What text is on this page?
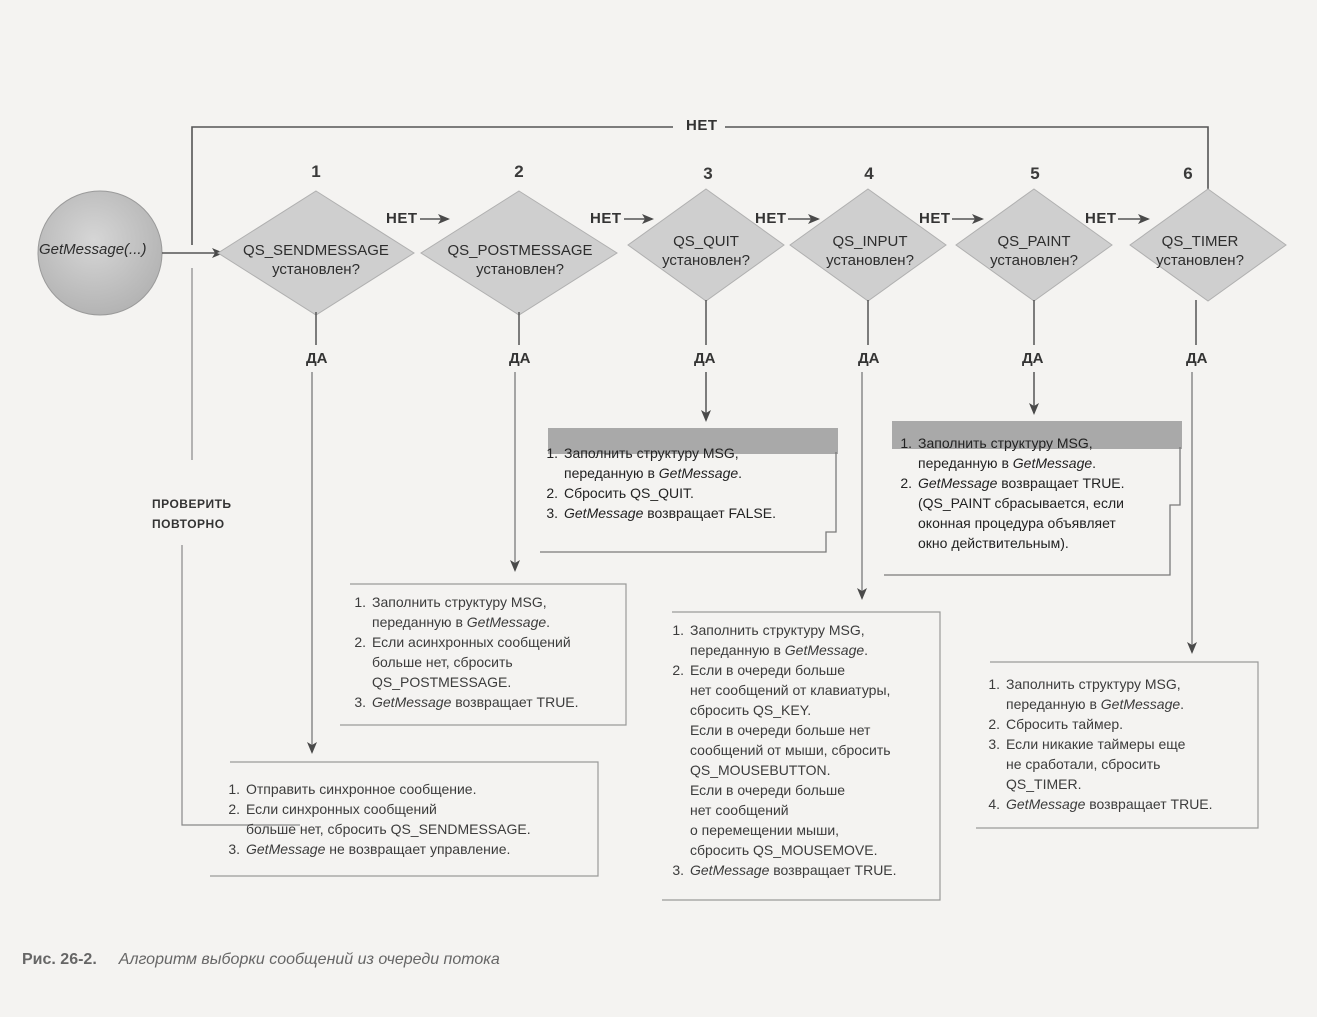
GetMessage(...)
НЕТ
ПРОВЕРИТЬ
ПОВТОРНО
1	2	3	4	5	6
QS_SENDMESSAGE
установлен?
QS_POSTMESSAGE
установлен?
QS_QUIT
установлен?
QS_INPUT
установлен?
QS_PAINT
установлен?
QS_TIMER
установлен?
НЕТ	НЕТ	НЕТ	НЕТ	НЕТ
ДА	ДА	ДА	ДА	ДА	ДА
1. Отправить синхронное сообщение.
2. Если синхронных сообщений
больше нет, сбросить QS_SENDMESSAGE.
3. GetMessage не возвращает управление.
1. Заполнить структуру MSG,
переданную в GetMessage.
2. Если асинхронных сообщений
больше нет, сбросить
QS_POSTMESSAGE.
3. GetMessage возвращает TRUE.
1. Заполнить структуру MSG,
переданную в GetMessage.
2. Сбросить QS_QUIT.
3. GetMessage возвращает FALSE.
1. Заполнить структуру MSG,
переданную в GetMessage.
2. Если в очереди больше
нет сообщений от клавиатуры,
сбросить QS_KEY.
Если в очереди больше нет
сообщений от мыши, сбросить
QS_MOUSEBUTTON.
Если в очереди больше
нет сообщений
о перемещении мыши,
сбросить QS_MOUSEMOVE.
3. GetMessage возвращает TRUE.
1. Заполнить структуру MSG,
переданную в GetMessage.
2. GetMessage возвращает TRUE.
(QS_PAINT сбрасывается, если
оконная процедура объявляет
окно действительным).
1. Заполнить структуру MSG,
переданную в GetMessage.
2. Сбросить таймер.
3. Если никакие таймеры еще
не сработали, сбросить
QS_TIMER.
4. GetMessage возвращает TRUE.
Рис. 26-2. Алгоритм выборки сообщений из очереди потока
